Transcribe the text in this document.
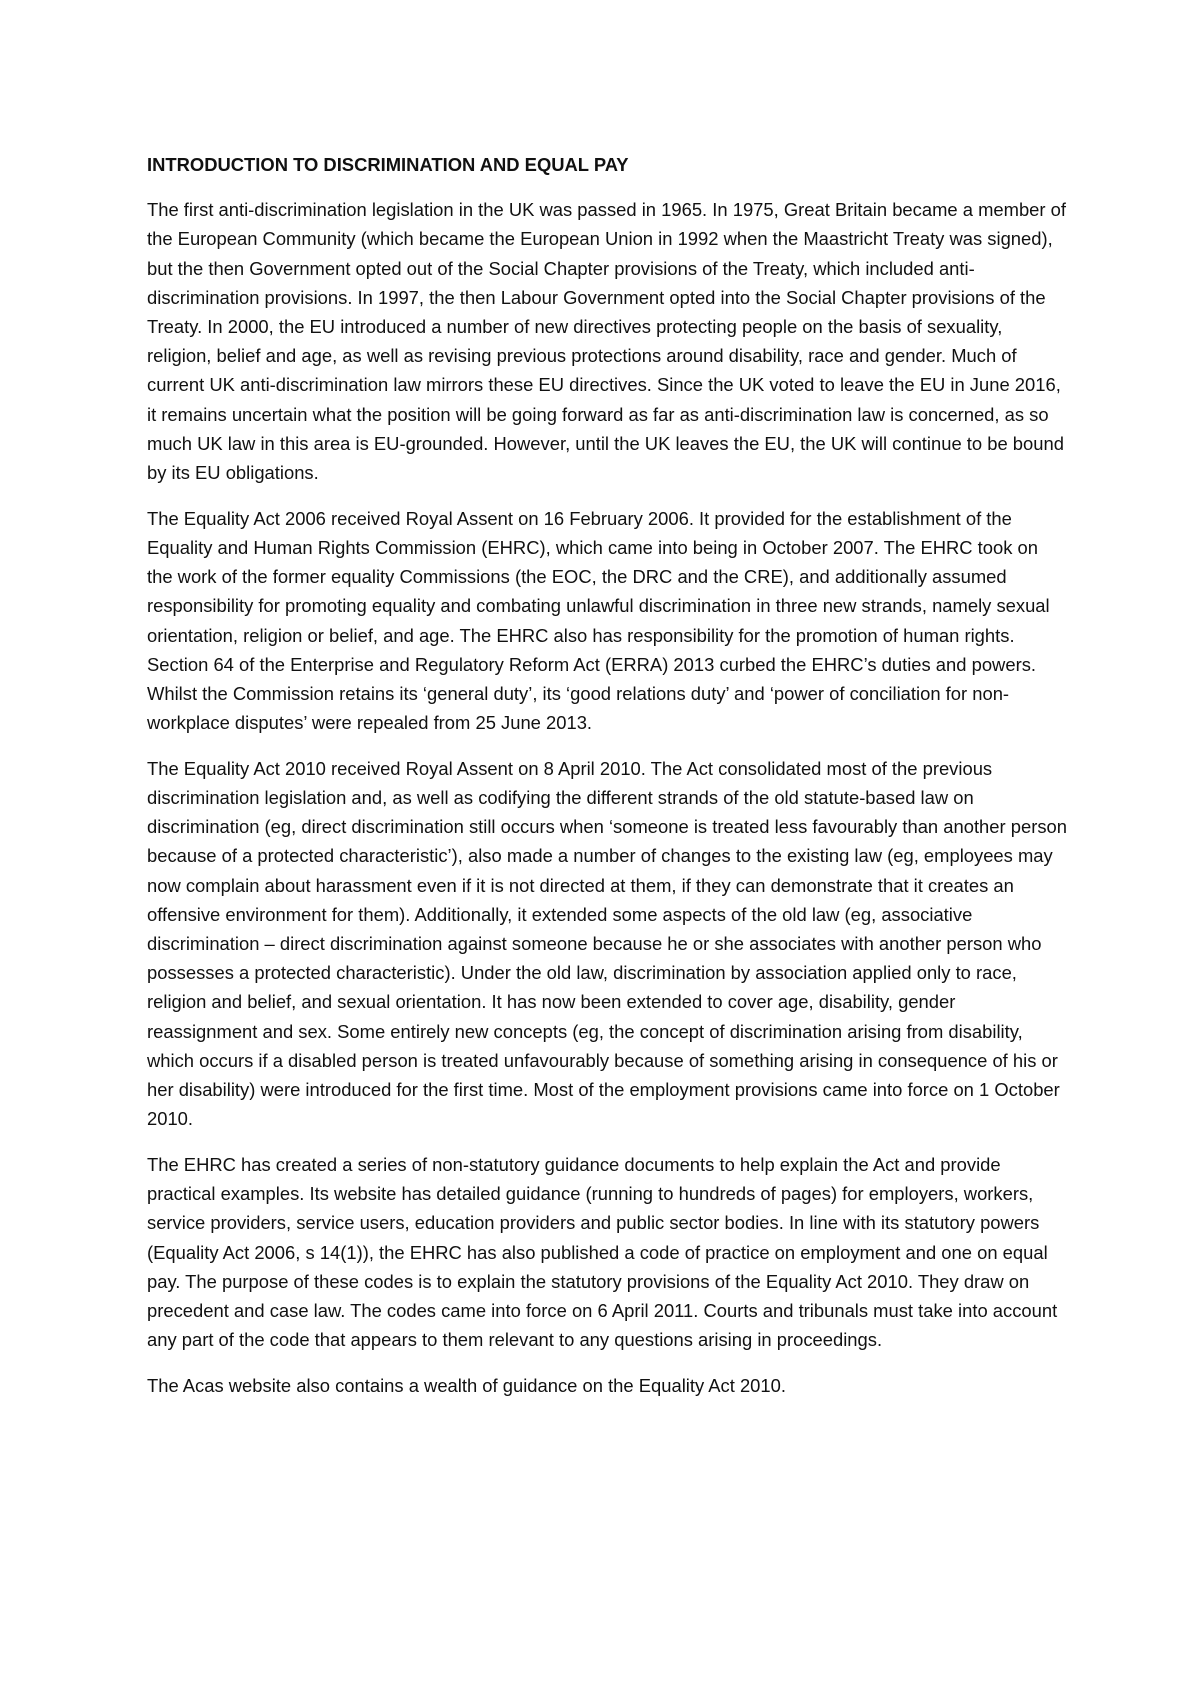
INTRODUCTION TO DISCRIMINATION AND EQUAL PAY

The first anti-discrimination legislation in the UK was passed in 1965. In 1975, Great Britain became a member of the European Community (which became the European Union in 1992 when the Maastricht Treaty was signed), but the then Government opted out of the Social Chapter provisions of the Treaty, which included anti-discrimination provisions. In 1997, the then Labour Government opted into the Social Chapter provisions of the Treaty. In 2000, the EU introduced a number of new directives protecting people on the basis of sexuality, religion, belief and age, as well as revising previous protections around disability, race and gender. Much of current UK anti-discrimination law mirrors these EU directives. Since the UK voted to leave the EU in June 2016, it remains uncertain what the position will be going forward as far as anti-discrimination law is concerned, as so much UK law in this area is EU-grounded. However, until the UK leaves the EU, the UK will continue to be bound by its EU obligations.

The Equality Act 2006 received Royal Assent on 16 February 2006. It provided for the establishment of the Equality and Human Rights Commission (EHRC), which came into being in October 2007. The EHRC took on the work of the former equality Commissions (the EOC, the DRC and the CRE), and additionally assumed responsibility for promoting equality and combating unlawful discrimination in three new strands, namely sexual orientation, religion or belief, and age. The EHRC also has responsibility for the promotion of human rights. Section 64 of the Enterprise and Regulatory Reform Act (ERRA) 2013 curbed the EHRC’s duties and powers. Whilst the Commission retains its ‘general duty’, its ‘good relations duty’ and ‘power of conciliation for non-workplace disputes’ were repealed from 25 June 2013.

The Equality Act 2010 received Royal Assent on 8 April 2010. The Act consolidated most of the previous discrimination legislation and, as well as codifying the different strands of the old statute-based law on discrimination (eg, direct discrimination still occurs when ‘someone is treated less favourably than another person because of a protected characteristic’), also made a number of changes to the existing law (eg, employees may now complain about harassment even if it is not directed at them, if they can demonstrate that it creates an offensive environment for them). Additionally, it extended some aspects of the old law (eg, associative discrimination – direct discrimination against someone because he or she associates with another person who possesses a protected characteristic). Under the old law, discrimination by association applied only to race, religion and belief, and sexual orientation. It has now been extended to cover age, disability, gender reassignment and sex. Some entirely new concepts (eg, the concept of discrimination arising from disability, which occurs if a disabled person is treated unfavourably because of something arising in consequence of his or her disability) were introduced for the first time. Most of the employment provisions came into force on 1 October 2010.

The EHRC has created a series of non-statutory guidance documents to help explain the Act and provide practical examples. Its website has detailed guidance (running to hundreds of pages) for employers, workers, service providers, service users, education providers and public sector bodies. In line with its statutory powers (Equality Act 2006, s 14(1)), the EHRC has also published a code of practice on employment and one on equal pay. The purpose of these codes is to explain the statutory provisions of the Equality Act 2010. They draw on precedent and case law. The codes came into force on 6 April 2011. Courts and tribunals must take into account any part of the code that appears to them relevant to any questions arising in proceedings.

The Acas website also contains a wealth of guidance on the Equality Act 2010.
